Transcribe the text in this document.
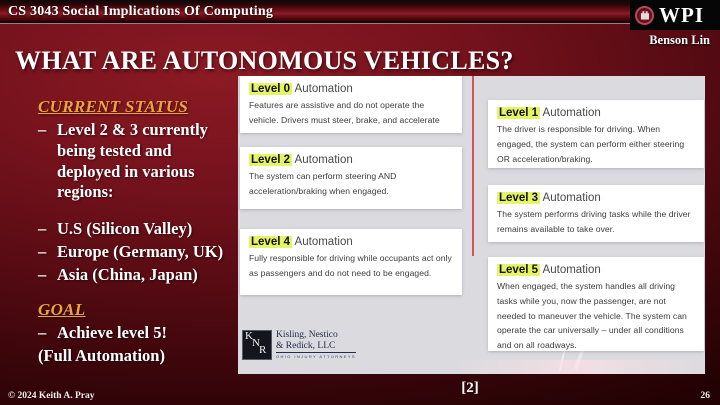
CS 3043 Social Implications Of Computing	WPI
Benson Lin
WHAT ARE AUTONOMOUS VEHICLES?
CURRENT STATUS
– Level 2 & 3 currently being tested and deployed in various regions:
– U.S (Silicon Valley)
– Europe (Germany, UK)
– Asia (China, Japan)
GOAL
– Achieve level 5!
(Full Automation)
Level 0 Automation
Features are assistive and do not operate the vehicle. Drivers must steer, brake, and accelerate
Level 2 Automation
The system can perform steering AND acceleration/braking when engaged.
Level 4 Automation
Fully responsible for driving while occupants act only as passengers and do not need to be engaged.
Level 1 Automation
The driver is responsible for driving. When engaged, the system can perform either steering OR acceleration/braking.
Level 3 Automation
The system performs driving tasks while the driver remains available to take over.
Level 5 Automation
When engaged, the system handles all driving tasks while you, now the passenger, are not needed to maneuver the vehicle. The system can operate the car universally – under all conditions and on all roadways.
K
N
R
Kisling, Nestico
& Redick, LLC
OHIO INJURY ATTORNEYS
[2]
© 2024 Keith A. Pray	26
